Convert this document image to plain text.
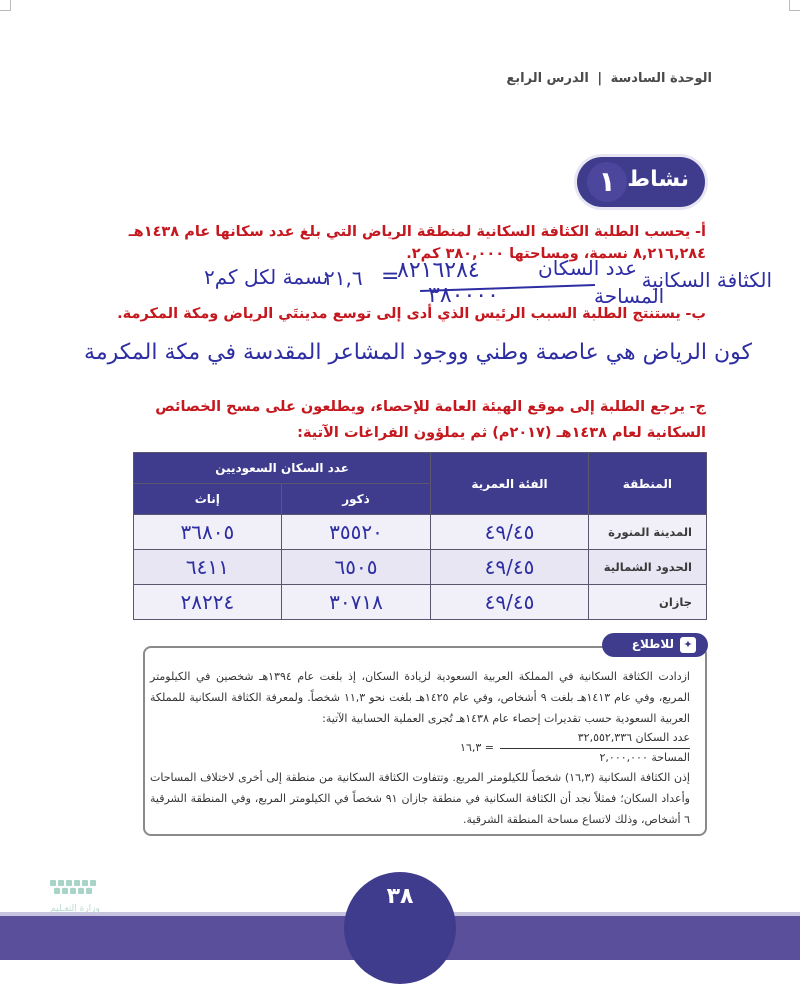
الوحدة السادسة | الدرس الرابع
١ نشاط
أ- يحسب الطلبة الكثافة السكانية لمنطقة الرياض التي بلغ عدد سكانها عام ١٤٣٨هـ ٨,٢١٦,٢٨٤ نسمة، ومساحتها ٣٨٠,٠٠٠ كم٢.
الكثافة السكانية
عدد السكان
٨٢١٦٢٨٤
٣٨٠٠٠٠	المساحة
=
٢١,٦
نسمة لكل كم٢
ب- يستنتج الطلبة السبب الرئيس الذي أدى إلى توسع مدينتَي الرياض ومكة المكرمة.
كون الرياض هي عاصمة وطني ووجود المشاعر المقدسة في مكة المكرمة
ج- يرجع الطلبة إلى موقع الهيئة العامة للإحصاء، ويطلعون على مسح الخصائص السكانية لعام ١٤٣٨هـ (٢٠١٧م) ثم يملؤون الفراغات الآتية:
عدد السكان السعوديين		الفئة العمرية	المنطقة
إناث	ذكور		
٣٦٨٠٥	٣٥٥٢٠	٤٩/٤٥	المدينة المنورة
٦٤١١	٦٥٠٥	٤٩/٤٥	الحدود الشمالية
٢٨٢٢٤	٣٠٧١٨	٤٩/٤٥	جازان
✦
للاطلاع
ازدادت الكثافة السكانية في المملكة العربية السعودية لزيادة السكان، إذ بلغت عام ١٣٩٤هـ شخصين في الكيلومتر المربع، وفي عام ١٤١٣هـ بلغت ٩ أشخاص، وفي عام ١٤٢٥هـ بلغت نحو ١١,٣ شخصاً. ولمعرفة الكثافة السكانية للمملكة العربية السعودية حسب تقديرات إحصاء عام ١٤٣٨هـ تُجرى العملية الحسابية الآتية:
عدد السكان ٣٢,٥٥٢,٣٣٦
المساحة ٢,٠٠٠,٠٠٠
= ١٦,٣
إذن الكثافة السكانية (١٦,٣) شخصاً للكيلومتر المربع. وتتفاوت الكثافة السكانية من منطقة إلى أخرى لاختلاف المساحات وأعداد السكان؛ فمثلاً نجد أن الكثافة السكانية في منطقة جازان ٩١ شخصاً في الكيلومتر المربع، وفي المنطقة الشرقية ٦ أشخاص، وذلك لاتساع مساحة المنطقة الشرقية.
٣٨
وزارة التعـليم
